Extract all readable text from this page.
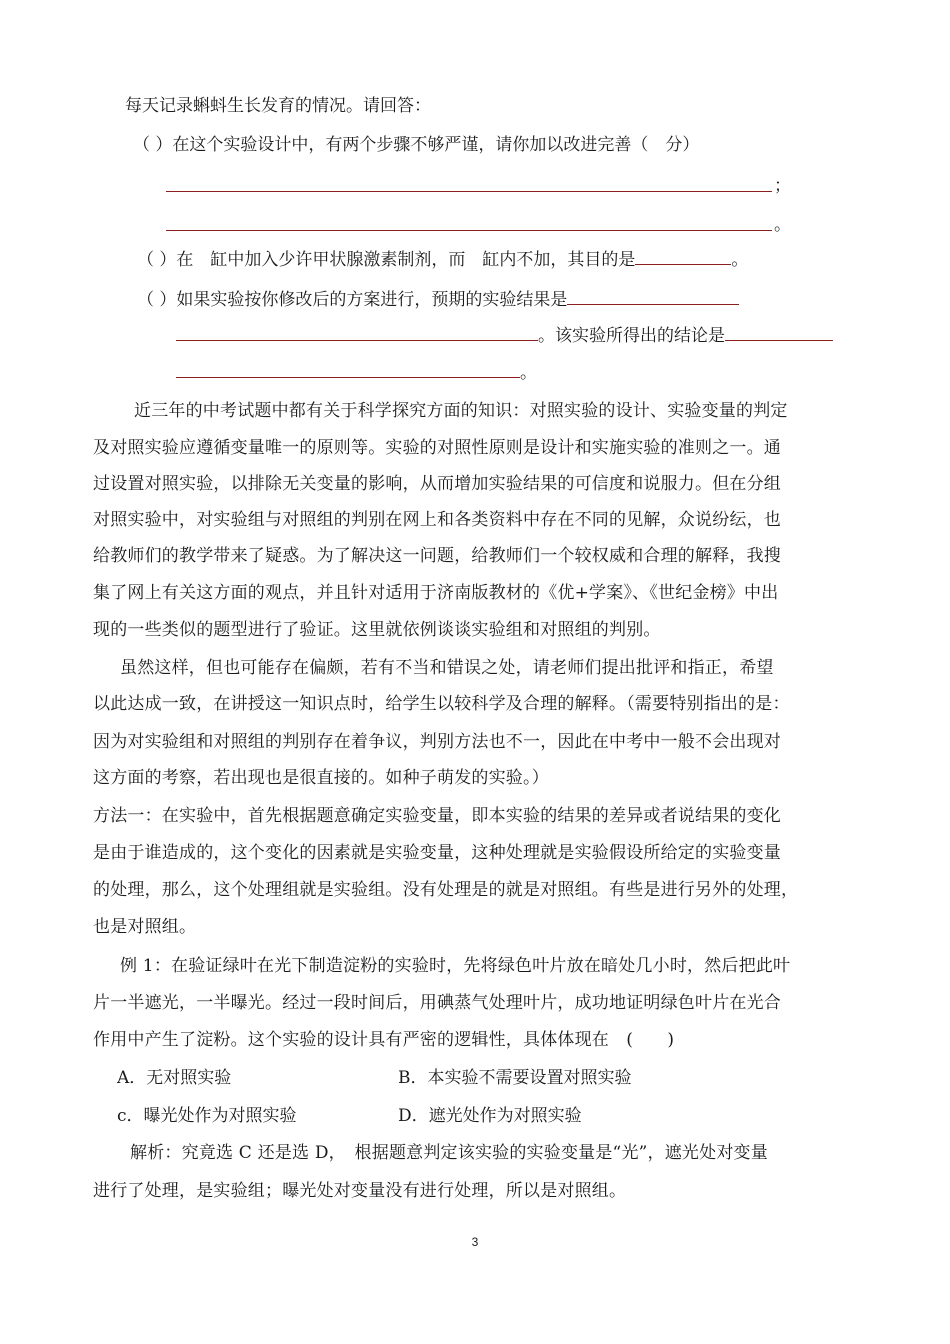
每天记录蝌蚪生长发育的情况。请回答：
（ ）在这个实验设计中，有两个步骤不够严谨，请你加以改进完善（　分）
；
。
（ ）在　缸中加入少许甲状腺激素制剂，而　缸内不加，其目的是	。
（ ）如果实验按你修改后的方案进行，预期的实验结果是
。该实验所得出的结论是
。
近三年的中考试题中都有关于科学探究方面的知识：对照实验的设计、实验变量的判定
及对照实验应遵循变量唯一的原则等。实验的对照性原则是设计和实施实验的准则之一。通
过设置对照实验，以排除无关变量的影响，从而增加实验结果的可信度和说服力。但在分组
对照实验中，对实验组与对照组的判别在网上和各类资料中存在不同的见解，众说纷纭，也
给教师们的教学带来了疑惑。为了解决这一问题，给教师们一个较权威和合理的解释，我搜
集了网上有关这方面的观点，并且针对适用于济南版教材的《优+学案》、《世纪金榜》中出
现的一些类似的题型进行了验证。这里就依例谈谈实验组和对照组的判别。
虽然这样，但也可能存在偏颇，若有不当和错误之处，请老师们提出批评和指正，希望
以此达成一致，在讲授这一知识点时，给学生以较科学及合理的解释。（需要特别指出的是：
因为对实验组和对照组的判别存在着争议，判别方法也不一，因此在中考中一般不会出现对
这方面的考察，若出现也是很直接的。如种子萌发的实验。）
方法一：在实验中，首先根据题意确定实验变量，即本实验的结果的差异或者说结果的变化
是由于谁造成的，这个变化的因素就是实验变量，这种处理就是实验假设所给定的实验变量
的处理，那么，这个处理组就是实验组。没有处理是的就是对照组。有些是进行另外的处理，
也是对照组。
例 1：在验证绿叶在光下制造淀粉的实验时，先将绿色叶片放在暗处几小时，然后把此叶
片一半遮光，一半曝光。经过一段时间后，用碘蒸气处理叶片，成功地证明绿色叶片在光合
作用中产生了淀粉。这个实验的设计具有严密的逻辑性，具体体现在　(　　)
A．无对照实验	B．本实验不需要设置对照实验
c．曝光处作为对照实验	D．遮光处作为对照实验
解析：究竟选 C 还是选 D，　根据题意判定该实验的实验变量是“光”，遮光处对变量
进行了处理，是实验组；曝光处对变量没有进行处理，所以是对照组。
3
